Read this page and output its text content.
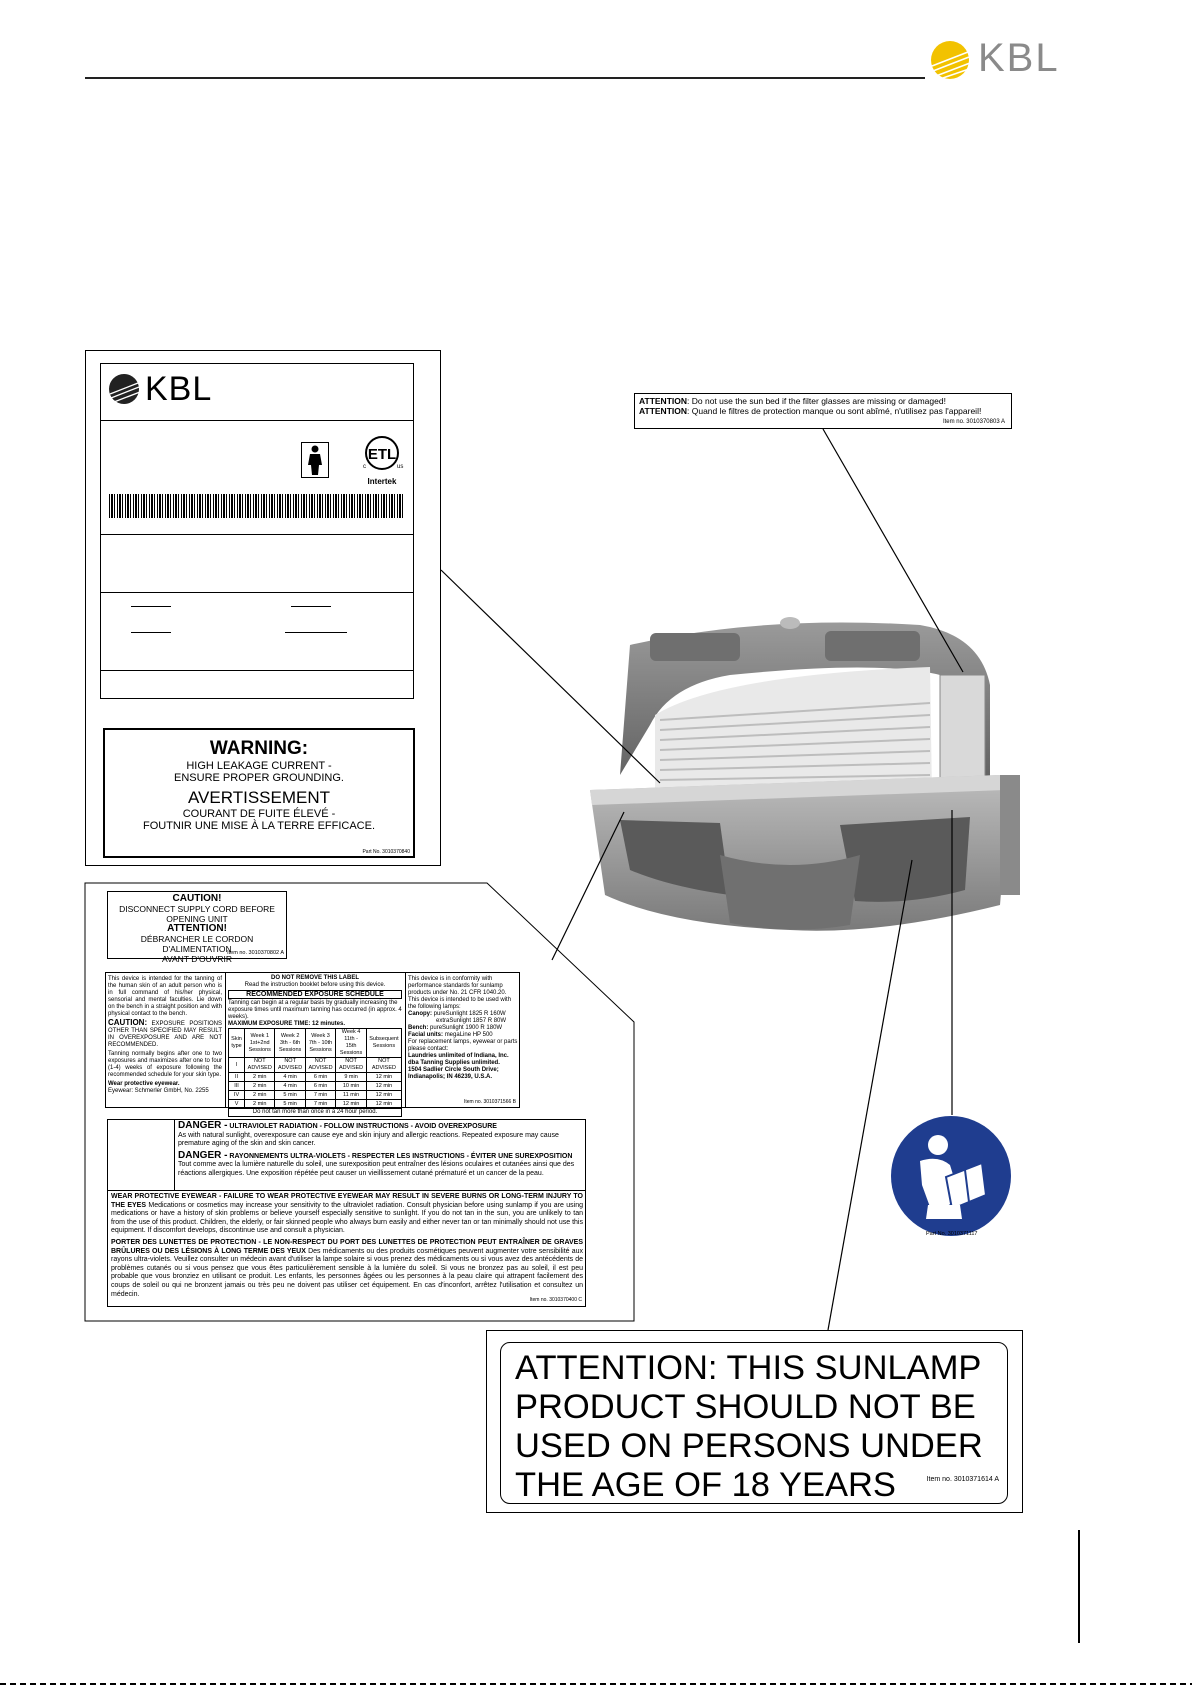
KBL
KBL
ETL
c	us
Intertek
WARNING:
HIGH LEAKAGE CURRENT -
ENSURE PROPER GROUNDING.
AVERTISSEMENT
COURANT DE FUITE ÉLEVÉ -
FOUTNIR UNE MISE À LA TERRE EFFICACE.
Part No. 3010370840
ATTENTION: Do not use the sun bed if the filter glasses are missing or damaged!
ATTENTION: Quand le filtres de protection manque ou sont abîmé, n'utilisez pas l'appareil!
Item no. 3010370803 A
CAUTION!
DISCONNECT SUPPLY CORD BEFORE
OPENING UNIT
ATTENTION!
DÉBRANCHER LE CORDON D'ALIMENTATION
AVANT D'OUVRIR
Item no. 3010370802 A
This device is intended for the tanning of the human skin of an adult person who is in full command of his/her physical, sensorial and mental faculties. Lie down on the bench in a straight position and with physical contact to the bench.
CAUTION: EXPOSURE POSITIONS OTHER THAN SPECIFIED MAY RESULT IN OVEREXPOSURE AND ARE NOT RECOMMENDED.
Tanning normally begins after one to two exposures and maximizes after one to four (1-4) weeks of exposure following the recommended schedule for your skin type.
Wear protective eyewear.
Eyewear: Schmerler GmbH, No. 2255
DO NOT REMOVE THIS LABEL
Read the instruction booklet before using this device.
RECOMMENDED EXPOSURE SCHEDULE
Tanning can begin at a regular basis by gradually increasing the exposure times until maximum tanning has occurred (in approx. 4 weeks).
MAXIMUM EXPOSURE TIME: 12 minutes.
Skin type	Week 1 1st+2nd Sessions	Week 2 3th - 6th Sessions	Week 3 7th - 10th Sessions	Week 4 11th - 15th Sessions	Subsequent Sessions
I	NOT ADVISED	NOT ADVISED	NOT ADVISED	NOT ADVISED	NOT ADVISED
II	2 min	4 min	6 min	9 min	12 min
III	2 min	4 min	6 min	10 min	12 min
IV	2 min	5 min	7 min	11 min	12 min
V	2 min	5 min	7 min	12 min	12 min
Do not tan more than once in a 24 hour period.
This device is in conformity with performance standards for sunlamp products under No. 21 CFR 1040.20. This device is intended to be used with the following lamps:
Canopy: pureSunlight 1825 R 160W
extraSunlight 1857 R 80W
Bench: pureSunlight 1900 R 180W
Facial units: megaLine HP 500
For replacement lamps, eyewear or parts please contact:
Laundries unlimited of Indiana, Inc.
dba Tanning Supplies unlimited.
1504 Sadlier Circle South Drive;
Indianapolis; IN 46239, U.S.A.
Item no. 3010371566 B
DANGER - ULTRAVIOLET RADIATION - FOLLOW INSTRUCTIONS - AVOID OVEREXPOSURE
As with natural sunlight, overexposure can cause eye and skin injury and allergic reactions. Repeated exposure may cause premature aging of the skin and skin cancer.
DANGER - RAYONNEMENTS ULTRA-VIOLETS - RESPECTER LES INSTRUCTIONS - ÉVITER UNE SUREXPOSITION
Tout comme avec la lumière naturelle du soleil, une surexposition peut entraîner des lésions oculaires et cutanées ainsi que des réactions allergiques. Une exposition répétée peut causer un vieillissement cutané prématuré et un cancer de la peau.
WEAR PROTECTIVE EYEWEAR - FAILURE TO WEAR PROTECTIVE EYEWEAR MAY RESULT IN SEVERE BURNS OR LONG-TERM INJURY TO THE EYES Medications or cosmetics may increase your sensitivity to the ultraviolet radiation. Consult physician before using sunlamp if you are using medications or have a history of skin problems or believe yourself especially sensitive to sunlight. If you do not tan in the sun, you are unlikely to tan from the use of this product. Children, the elderly, or fair skinned people who always burn easily and either never tan or tan minimally should not use this equipment. If discomfort develops, discontinue use and consult a physician.
PORTER DES LUNETTES DE PROTECTION - LE NON-RESPECT DU PORT DES LUNETTES DE PROTECTION PEUT ENTRAÎNER DE GRAVES BRÛLURES OU DES LÉSIONS À LONG TERME DES YEUX Des médicaments ou des produits cosmétiques peuvent augmenter votre sensibilité aux rayons ultra-violets. Veuillez consulter un médecin avant d'utiliser la lampe solaire si vous prenez des médicaments ou si vous avez des antécédents de problèmes cutanés ou si vous pensez que vous êtes particulièrement sensible à la lumière du soleil. Si vous ne bronzez pas au soleil, il est peu probable que vous bronziez en utilisant ce produit. Les enfants, les personnes âgées ou les personnes à la peau claire qui attrapent facilement des coups de soleil ou qui ne bronzent jamais ou très peu ne doivent pas utiliser cet équipement. En cas d'inconfort, arrêtez l'utilisation et consultez un médecin.
Item no. 3010370400 C
Part No. 3010371117
ATTENTION: THIS SUNLAMP
PRODUCT SHOULD NOT BE
USED ON PERSONS UNDER
THE AGE OF 18 YEARS	Item no. 3010371614 A
